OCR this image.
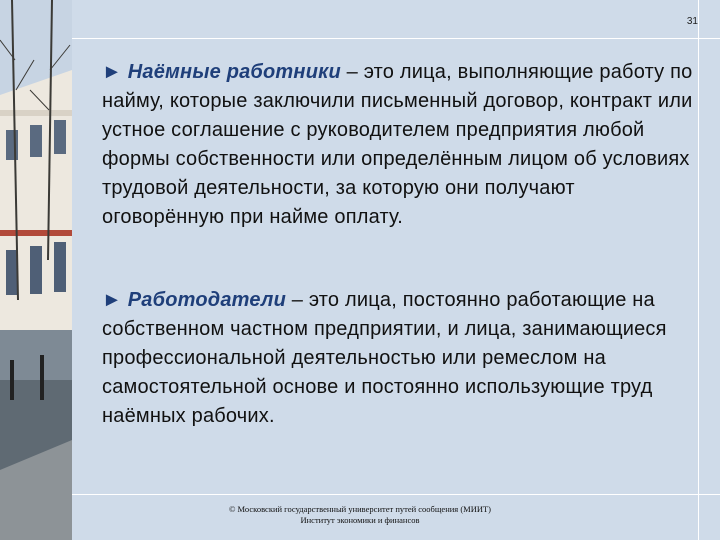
31
► Наёмные работники – это лица, выполняющие работу по найму, которые заключили письменный договор, контракт или устное соглашение с руководителем предприятия любой формы собственности или определённым лицом об условиях трудовой деятельности, за которую они получают оговорённую при найме оплату.
► Работодатели – это лица, постоянно работающие на собственном частном предприятии, и лица, занимающиеся профессиональной деятельностью или ремеслом на самостоятельной основе и постоянно использующие труд наёмных рабочих.
© Московский государственный университет путей сообщения (МИИТ)
Институт экономики и финансов
